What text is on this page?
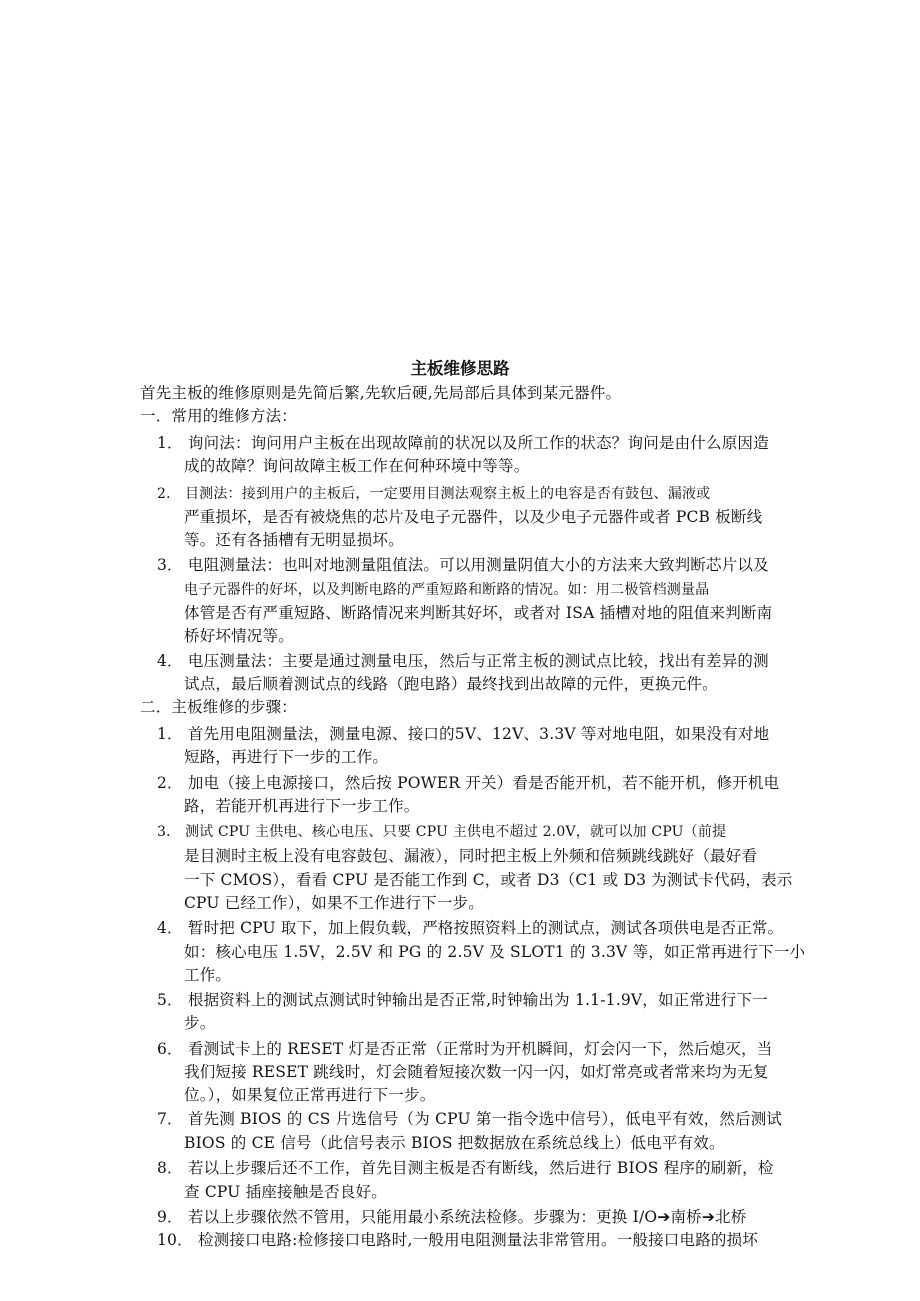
主板维修思路
首先主板的维修原则是先简后繁,先软后硬,先局部后具体到某元器件。
一．常用的维修方法：
1． 询问法：询问用户主板在出现故障前的状况以及所工作的状态？询问是由什么原因造
成的故障？询问故障主板工作在何种环境中等等。
2． 目测法：接到用户的主板后，一定要用目测法观察主板上的电容是否有鼓包、漏液或
严重损坏，是否有被烧焦的芯片及电子元器件，以及少电子元器件或者 PCB 板断线
等。还有各插槽有无明显损坏。
3． 电阻测量法：也叫对地测量阻值法。可以用测量阴值大小的方法来大致判断芯片以及
电子元器件的好坏，以及判断电路的严重短路和断路的情况。如：用二极管档测量晶
体管是否有严重短路、断路情况来判断其好坏，或者对 ISA 插槽对地的阻值来判断南
桥好坏情况等。
4． 电压测量法：主要是通过测量电压，然后与正常主板的测试点比较，找出有差异的测
试点，最后顺着测试点的线路（跑电路）最终找到出故障的元件，更换元件。
二．主板维修的步骤：
1． 首先用电阻测量法，测量电源、接口的5V、12V、3.3V 等对地电阻，如果没有对地
短路，再进行下一步的工作。
2． 加电（接上电源接口，然后按 POWER 开关）看是否能开机，若不能开机，修开机电
路，若能开机再进行下一步工作。
3． 测试 CPU 主供电、核心电压、只要 CPU 主供电不超过 2.0V，就可以加 CPU（前提
是目测时主板上没有电容鼓包、漏液），同时把主板上外频和倍频跳线跳好（最好看
一下 CMOS），看看 CPU 是否能工作到 C，或者 D3（C1 或 D3 为测试卡代码，表示
CPU 已经工作），如果不工作进行下一步。
4． 暂时把 CPU 取下，加上假负载，严格按照资料上的测试点，测试各项供电是否正常。
如：核心电压 1.5V，2.5V 和 PG 的 2.5V 及 SLOT1 的 3.3V 等，如正常再进行下一小
工作。
5． 根据资料上的测试点测试时钟输出是否正常,时钟输出为 1.1-1.9V，如正常进行下一
步。
6． 看测试卡上的 RESET 灯是否正常（正常时为开机瞬间，灯会闪一下，然后熄灭，当
我们短接 RESET 跳线时，灯会随着短接次数一闪一闪，如灯常亮或者常来均为无复
位。），如果复位正常再进行下一步。
7． 首先测 BIOS 的 CS 片选信号（为 CPU 第一指令选中信号），低电平有效，然后测试
BIOS 的 CE 信号（此信号表示 BIOS 把数据放在系统总线上）低电平有效。
8． 若以上步骤后还不工作，首先目测主板是否有断线，然后进行 BIOS 程序的刷新，检
查 CPU 插座接触是否良好。
9． 若以上步骤依然不管用，只能用最小系统法检修。步骤为：更换 I/O➔南桥➔北桥
10． 检测接口电路:检修接口电路时,一般用电阻测量法非常管用。一般接口电路的损坏
